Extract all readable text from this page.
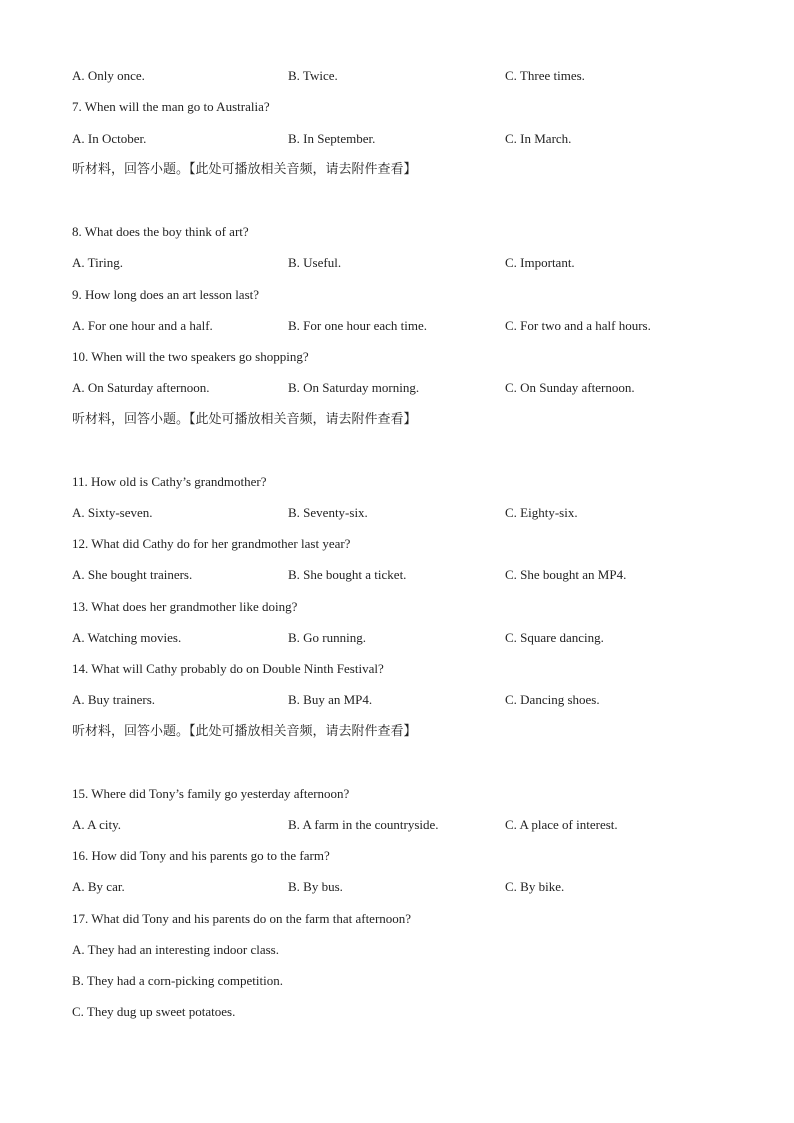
A. Only once.	B. Twice.	C. Three times.
7. When will the man go to Australia?
A. In October.	B. In September.	C. In March.
听材料，回答小题。【此处可播放相关音频，请去附件查看】
8. What does the boy think of art?
A. Tiring.	B. Useful.	C. Important.
9. How long does an art lesson last?
A. For one hour and a half.	B. For one hour each time.	C. For two and a half hours.
10. When will the two speakers go shopping?
A. On Saturday afternoon.	B. On Saturday morning.	C. On Sunday afternoon.
听材料，回答小题。【此处可播放相关音频，请去附件查看】
11. How old is Cathy’s grandmother?
A. Sixty-seven.	B. Seventy-six.	C. Eighty-six.
12. What did Cathy do for her grandmother last year?
A. She bought trainers.	B. She bought a ticket.	C. She bought an MP4.
13. What does her grandmother like doing?
A. Watching movies.	B. Go running.	C. Square dancing.
14. What will Cathy probably do on Double Ninth Festival?
A. Buy trainers.	B. Buy an MP4.	C. Dancing shoes.
听材料，回答小题。【此处可播放相关音频，请去附件查看】
15. Where did Tony’s family go yesterday afternoon?
A. A city.	B. A farm in the countryside.	C. A place of interest.
16. How did Tony and his parents go to the farm?
A. By car.	B. By bus.	C. By bike.
17. What did Tony and his parents do on the farm that afternoon?
A. They had an interesting indoor class.
B. They had a corn-picking competition.
C. They dug up sweet potatoes.
